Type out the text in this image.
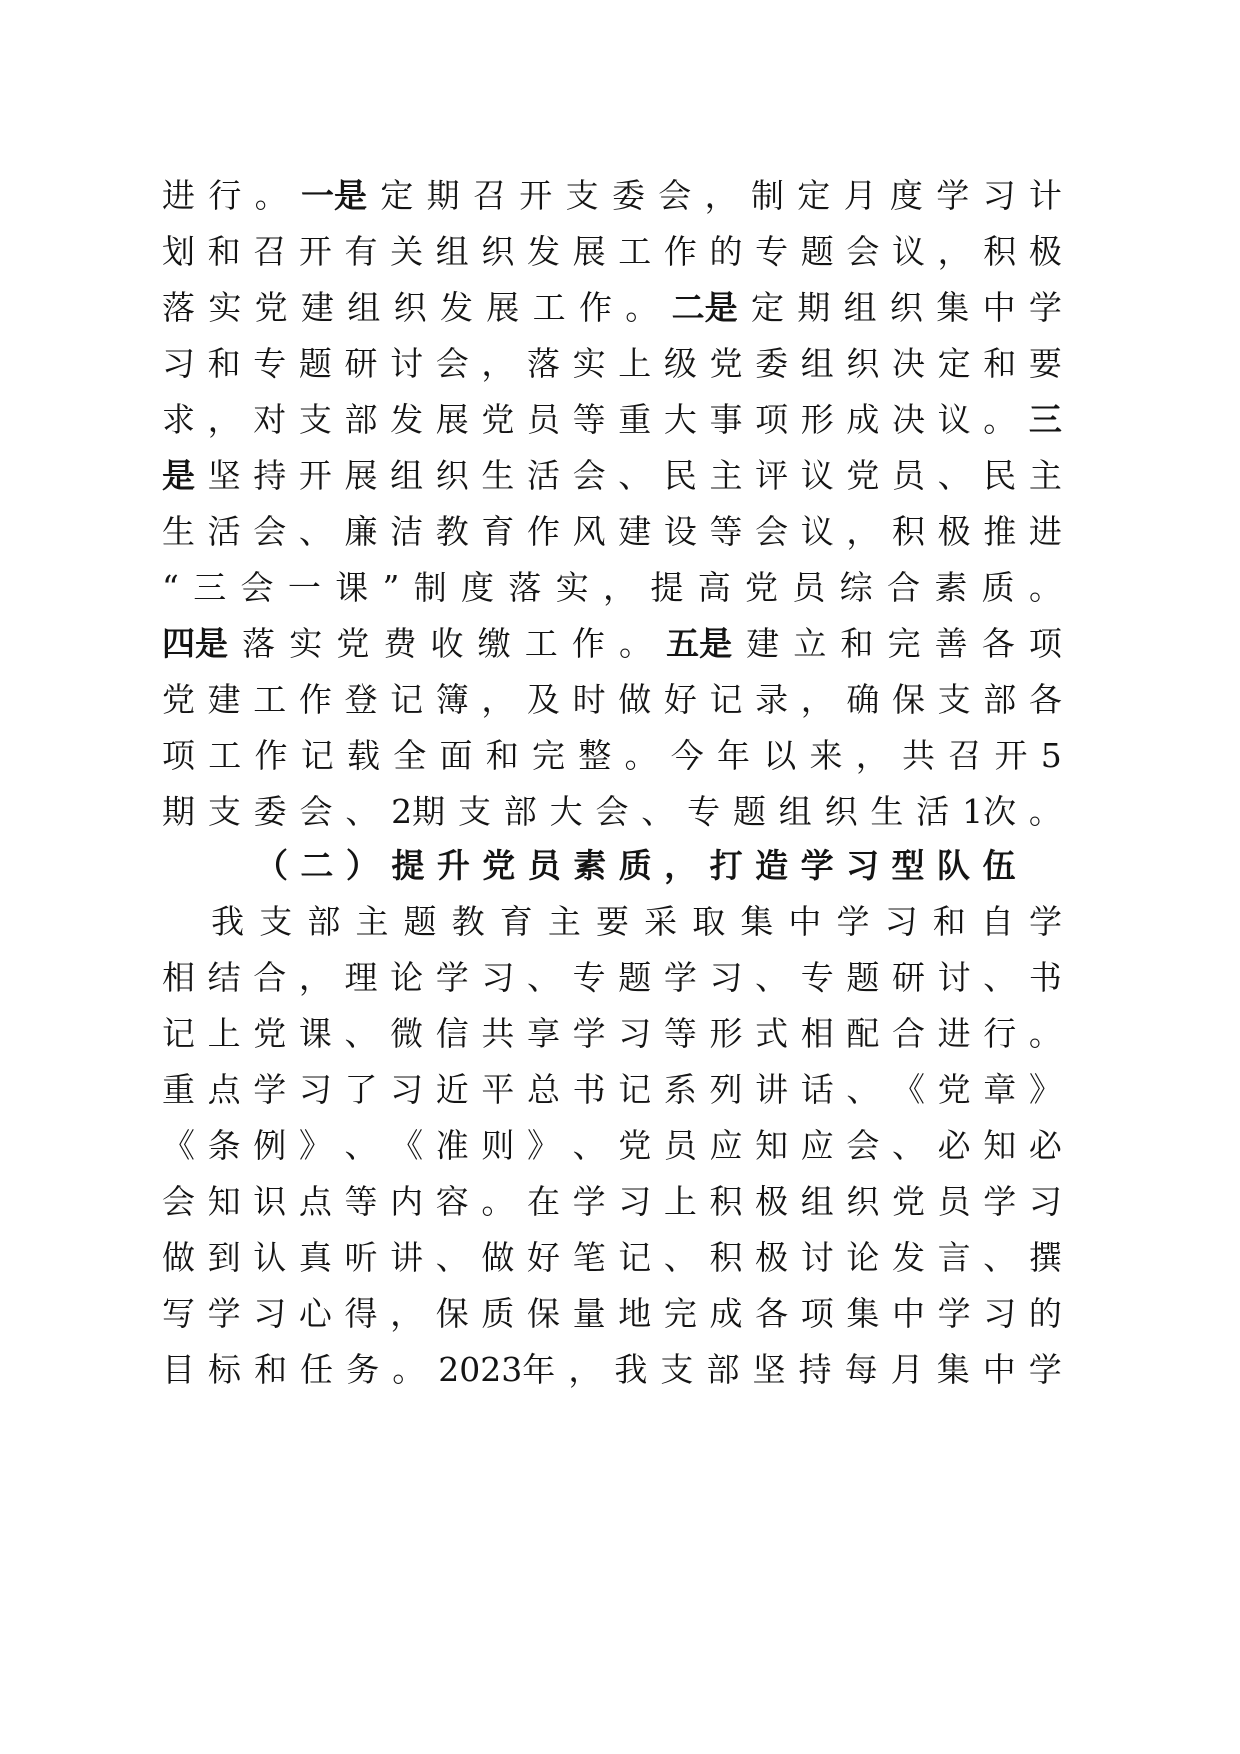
进 行 。 一是 定 期 召 开 支 委 会 ， 制 定 月 度 学 习 计
划 和 召 开 有 关 组 织 发 展 工 作 的 专 题 会 议 ， 积 极
落 实 党 建 组 织 发 展 工 作 。 二是 定 期 组 织 集 中 学
习 和 专 题 研 讨 会 ， 落 实 上 级 党 委 组 织 决 定 和 要
求 ， 对 支 部 发 展 党 员 等 重 大 事 项 形 成 决 议 。 三
是 坚 持 开 展 组 织 生 活 会 、 民 主 评 议 党 员 、 民 主
生 活 会 、 廉 洁 教 育 作 风 建 设 等 会 议 ， 积 极 推 进
“ 三 会 一 课 ” 制 度 落 实 ， 提 高 党 员 综 合 素 质 。
四是 落 实 党 费 收 缴 工 作 。 五是 建 立 和 完 善 各 项
党 建 工 作 登 记 簿 ， 及 时 做 好 记 录 ， 确 保 支 部 各
项 工 作 记 载 全 面 和 完 整 。 今 年 以 来 ， 共 召 开 5
期 支 委 会 、 2期 支 部 大 会 、 专 题 组 织 生 活 1次 。
（ 二 ） 提 升 党 员 素 质 ， 打 造 学 习 型 队 伍
我 支 部 主 题 教 育 主 要 采 取 集 中 学 习 和 自 学
相 结 合 ， 理 论 学 习 、 专 题 学 习 、 专 题 研 讨 、 书
记 上 党 课 、 微 信 共 享 学 习 等 形 式 相 配 合 进 行 。
重 点 学 习 了 习 近 平 总 书 记 系 列 讲 话 、 《 党 章 》
《 条 例 》 、 《 准 则 》 、 党 员 应 知 应 会 、 必 知 必
会 知 识 点 等 内 容 。 在 学 习 上 积 极 组 织 党 员 学 习
做 到 认 真 听 讲 、 做 好 笔 记 、 积 极 讨 论 发 言 、 撰
写 学 习 心 得 ， 保 质 保 量 地 完 成 各 项 集 中 学 习 的
目 标 和 任 务 。 2023年 ， 我 支 部 坚 持 每 月 集 中 学
